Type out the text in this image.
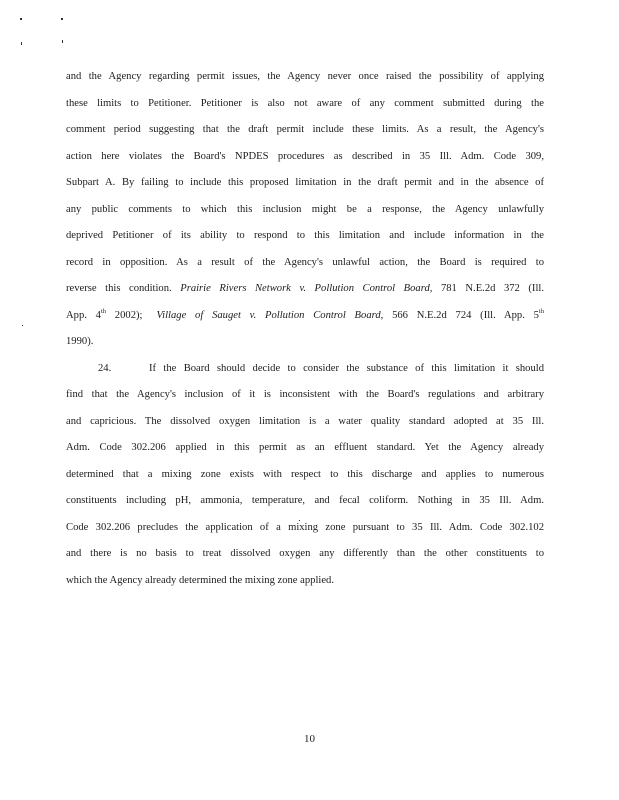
and the Agency regarding permit issues, the Agency never once raised the possibility of applying
these limits to Petitioner. Petitioner is also not aware of any comment submitted during the
comment period suggesting that the draft permit include these limits. As a result, the Agency's
action here violates the Board's NPDES procedures as described in 35 Ill. Adm. Code 309,
Subpart A. By failing to include this proposed limitation in the draft permit and in the absence of
any public comments to which this inclusion might be a response, the Agency unlawfully
deprived Petitioner of its ability to respond to this limitation and include information in the
record in opposition. As a result of the Agency's unlawful action, the Board is required to
reverse this condition. Prairie Rivers Network v. Pollution Control Board, 781 N.E.2d 372 (Ill.
App. 4th 2002); Village of Sauget v. Pollution Control Board, 566 N.E.2d 724 (Ill. App. 5th
1990).
24.	If the Board should decide to consider the substance of this limitation it should
find that the Agency's inclusion of it is inconsistent with the Board's regulations and arbitrary
and capricious. The dissolved oxygen limitation is a water quality standard adopted at 35 Ill.
Adm. Code 302.206 applied in this permit as an effluent standard. Yet the Agency already
determined that a mixing zone exists with respect to this discharge and applies to numerous
constituents including pH, ammonia, temperature, and fecal coliform. Nothing in 35 Ill. Adm.
Code 302.206 precludes the application of a mixing zone pursuant to 35 Ill. Adm. Code 302.102
and there is no basis to treat dissolved oxygen any differently than the other constituents to
which the Agency already determined the mixing zone applied.
10
